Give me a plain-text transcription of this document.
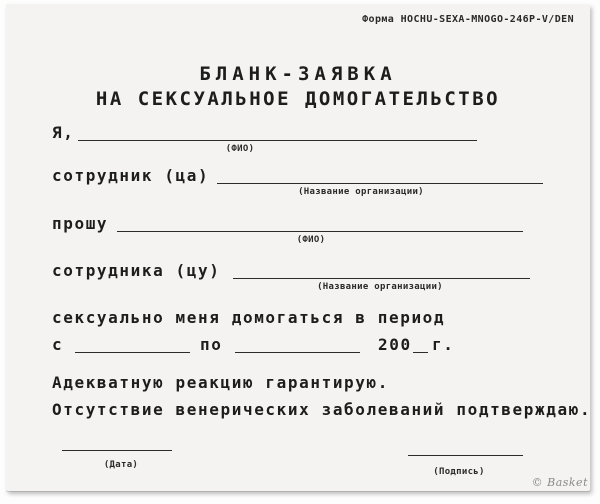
Форма HOCHU-SEXA-MNOGO-246P-V/DEN
БЛАНК-ЗАЯВКА
НА СЕКСУАЛЬНОЕ ДОМОГАТЕЛЬСТВО
Я,
(ФИО)
сотрудник (ца)
(Название организации)
прошу
(ФИО)
сотрудника (цу)
(Название организации)
сексуально меня домогаться в период
с	по	200 г.
Адекватную реакцию гарантирую.
Отсутствие венерических заболеваний подтверждаю.
(Дата)
(Подпись)
© Basket
